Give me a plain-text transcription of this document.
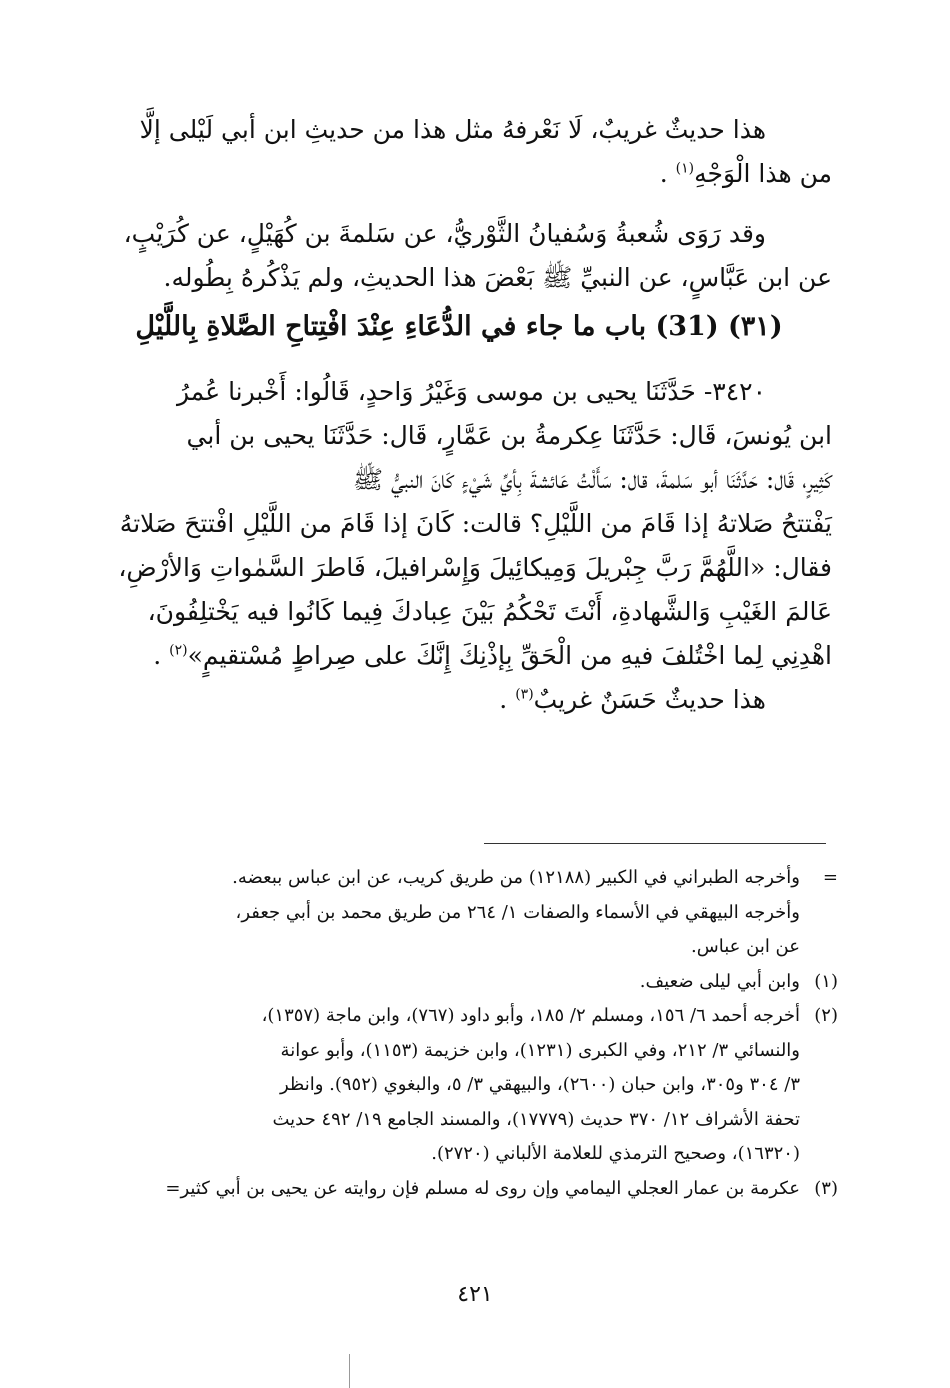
هذا حديثٌ غريبٌ، لَا نَعْرفهُ مثل هذا من حديثِ ابن أبي لَيْلى إلَّا
من هذا الْوَجْهِ$^{(١)}$ .
وقد رَوَى شُعبةُ وَسُفيانُ الثَّوْريُّ، عن سَلمةَ بن كُهَيْلٍ، عن كُرَيْبٍ،
عن ابن عَبَّاسٍ، عن النبيِّ ﷺ بَعْضَ هذا الحديثِ، ولم يَذْكُرهُ بِطُوله.
(٣١) (31) باب ما جاء في الدُّعَاءِ عِنْدَ افْتِتاحِ الصَّلاةِ بِاللَّيْلِ
٣٤٢٠- حَدَّثَنَا يحيى بن موسى وَغَيْرُ وَاحدٍ، قَالُوا: أَخْبرنا عُمرُ
ابن يُونسَ، قَال: حَدَّثَنَا عِكرمةُ بن عَمَّارٍ، قَال: حَدَّثَنَا يحيى بن أبي
كَثِيرٍ، قَال: حَدَّثَنَا أبو سَلمةَ، قال: سَأَلْتُ عَائشةَ بِأيِّ شَيْءٍ كَانَ النبيُّ ﷺ
يَفْتتحُ صَلاتهُ إذا قَامَ من اللَّيْلِ؟ قالت: كَانَ إذا قَامَ من اللَّيْلِ افْتتحَ صَلاتهُ
فقال: «اللَّهُمَّ رَبَّ جِبْريلَ وَمِيكائِيلَ وَإِسْرافيلَ، فَاطرَ السَّمٰواتِ وَالأرْضِ،
عَالمَ الغَيْبِ وَالشَّهادةِ، أَنْتَ تَحْكُمُ بَيْنَ عِبادكَ فِيما كَانُوا فيه يَخْتلِفُونَ،
اهْدِنِي لِما اخْتُلفَ فيهِ من الْحَقِّ بِإذْنِكَ إِنَّكَ على صِراطٍ مُسْتقيمٍ»$^{(٢)}$ .
هذا حديثٌ حَسَنٌ غريبٌ$^{(٣)}$ .
=
وأخرجه الطبراني في الكبير (١٢١٨٨) من طريق كريب، عن ابن عباس ببعضه.
وأخرجه البيهقي في الأسماء والصفات ١/ ٢٦٤ من طريق محمد بن أبي جعفر،
عن ابن عباس.
(١)
وابن أبي ليلى ضعيف.
(٢)
أخرجه أحمد ٦/ ١٥٦، ومسلم ٢/ ١٨٥، وأبو داود (٧٦٧)، وابن ماجة (١٣٥٧)،
والنسائي ٣/ ٢١٢، وفي الكبرى (١٢٣١)، وابن خزيمة (١١٥٣)، وأبو عوانة
٣/ ٣٠٤ و٣٠٥، وابن حبان (٢٦٠٠)، والبيهقي ٣/ ٥، والبغوي (٩٥٢). وانظر
تحفة الأشراف ١٢/ ٣٧٠ حديث (١٧٧٧٩)، والمسند الجامع ١٩/ ٤٩٢ حديث
(١٦٣٢٠)، وصحيح الترمذي للعلامة الألباني (٢٧٢٠).
(٣)
عكرمة بن عمار العجلي اليمامي وإن روى له مسلم فإن روايته عن يحيى بن أبي كثير=
٤٢١
